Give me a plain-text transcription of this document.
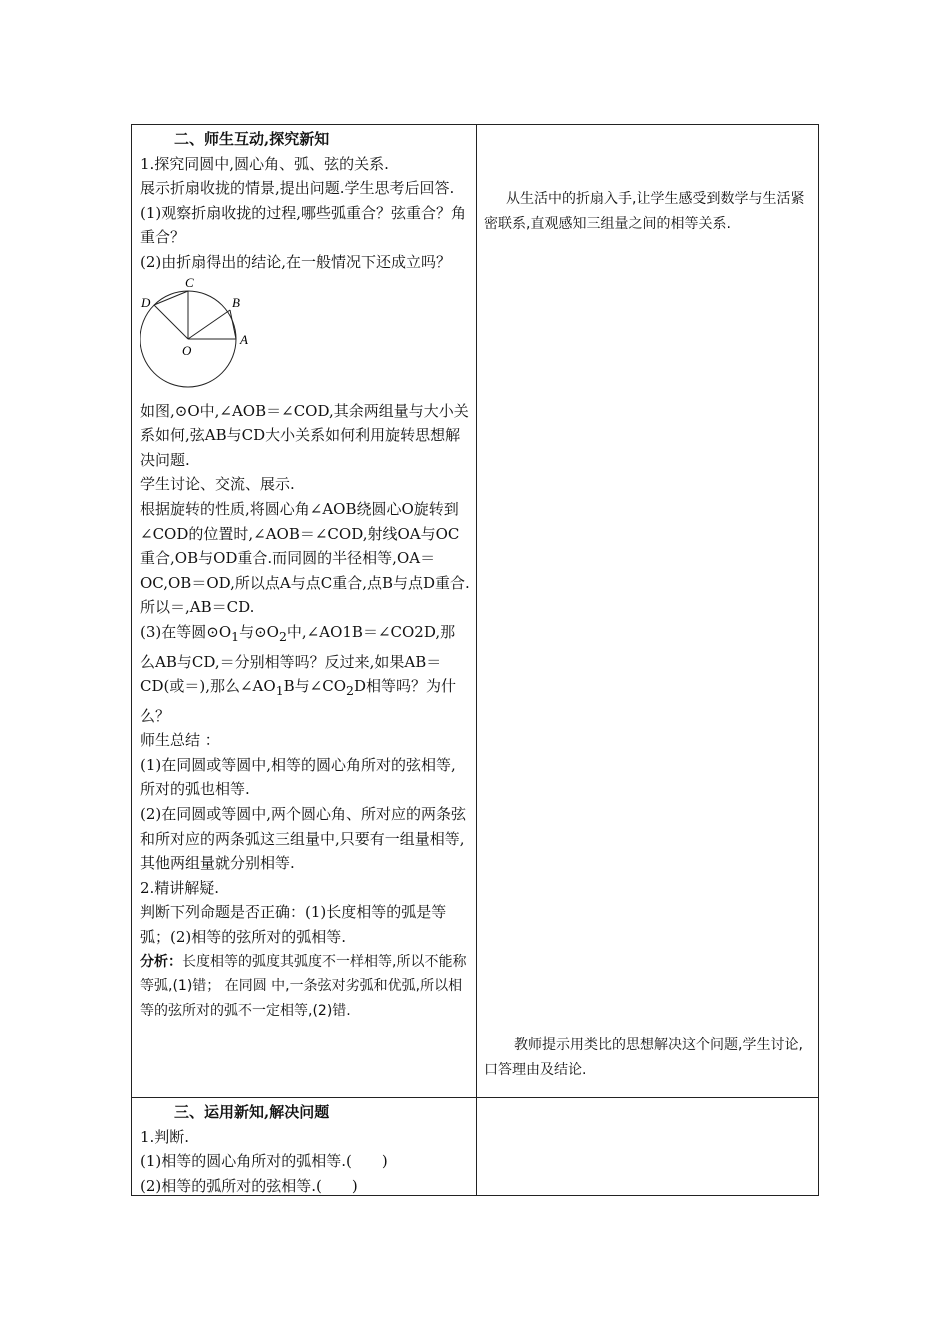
二、师生互动,探究新知

1.探究同圆中,圆心角、弧、弦的关系.

展示折扇收拢的情景,提出问题.学生思考后回答.

(1)观察折扇收拢的过程,哪些弧重合？弦重合？角重合？

(2)由折扇得出的结论,在一般情况下还成立吗？

C
D	B
A
O

如图,⊙O中,∠AOB＝∠COD,其余两组量与大小关系如何,弦AB与CD大小关系如何利用旋转思想解决问题.

学生讨论、交流、展示.

根据旋转的性质,将圆心角∠AOB绕圆心O旋转到∠COD的位置时,∠AOB＝∠COD,射线OA与OC重合,OB与OD重合.而同圆的半径相等,OA＝OC,OB＝OD,所以点A与点C重合,点B与点D重合.所以＝,AB＝CD.

(3)在等圆$⊙O_1$与$⊙O_2$中,∠AO1B＝∠CO2D,那么AB与CD,＝分别相等吗？反过来,如果AB＝CD(或＝),那么$\angle AO_1B$与$\angle CO_2D$相等吗？为什么？

师生总结 ：

(1)在同圆或等圆中,相等的圆心角所对的弦相等,所对的弧也相等.

(2)在同圆或等圆中,两个圆心角、所对应的两条弦和所对应的两条弧这三组量中,只要有一组量相等,其他两组量就分别相等.

2.精讲解疑.

判断下列命题是否正确：(1)长度相等的弧是等弧；(2)相等的弦所对的弧相等.

分析：长度相等的弧度其弧度不一样相等,所以不能称等弧,(1)错； 在同圆 中,一条弦对劣弧和优弧,所以相等的弦所对的弧不一定相等,(2)错.

从生活中的折扇入手,让学生感受到数学与生活紧密联系,直观感知三组量之间的相等关系.
教师提示用类比的思想解决这个问题,学生讨论,口答理由及结论.

三、运用新知,解决问题

1.判断.

(1)相等的圆心角所对的弧相等.(　　)

(2)相等的弧所对的弦相等.(　　)
